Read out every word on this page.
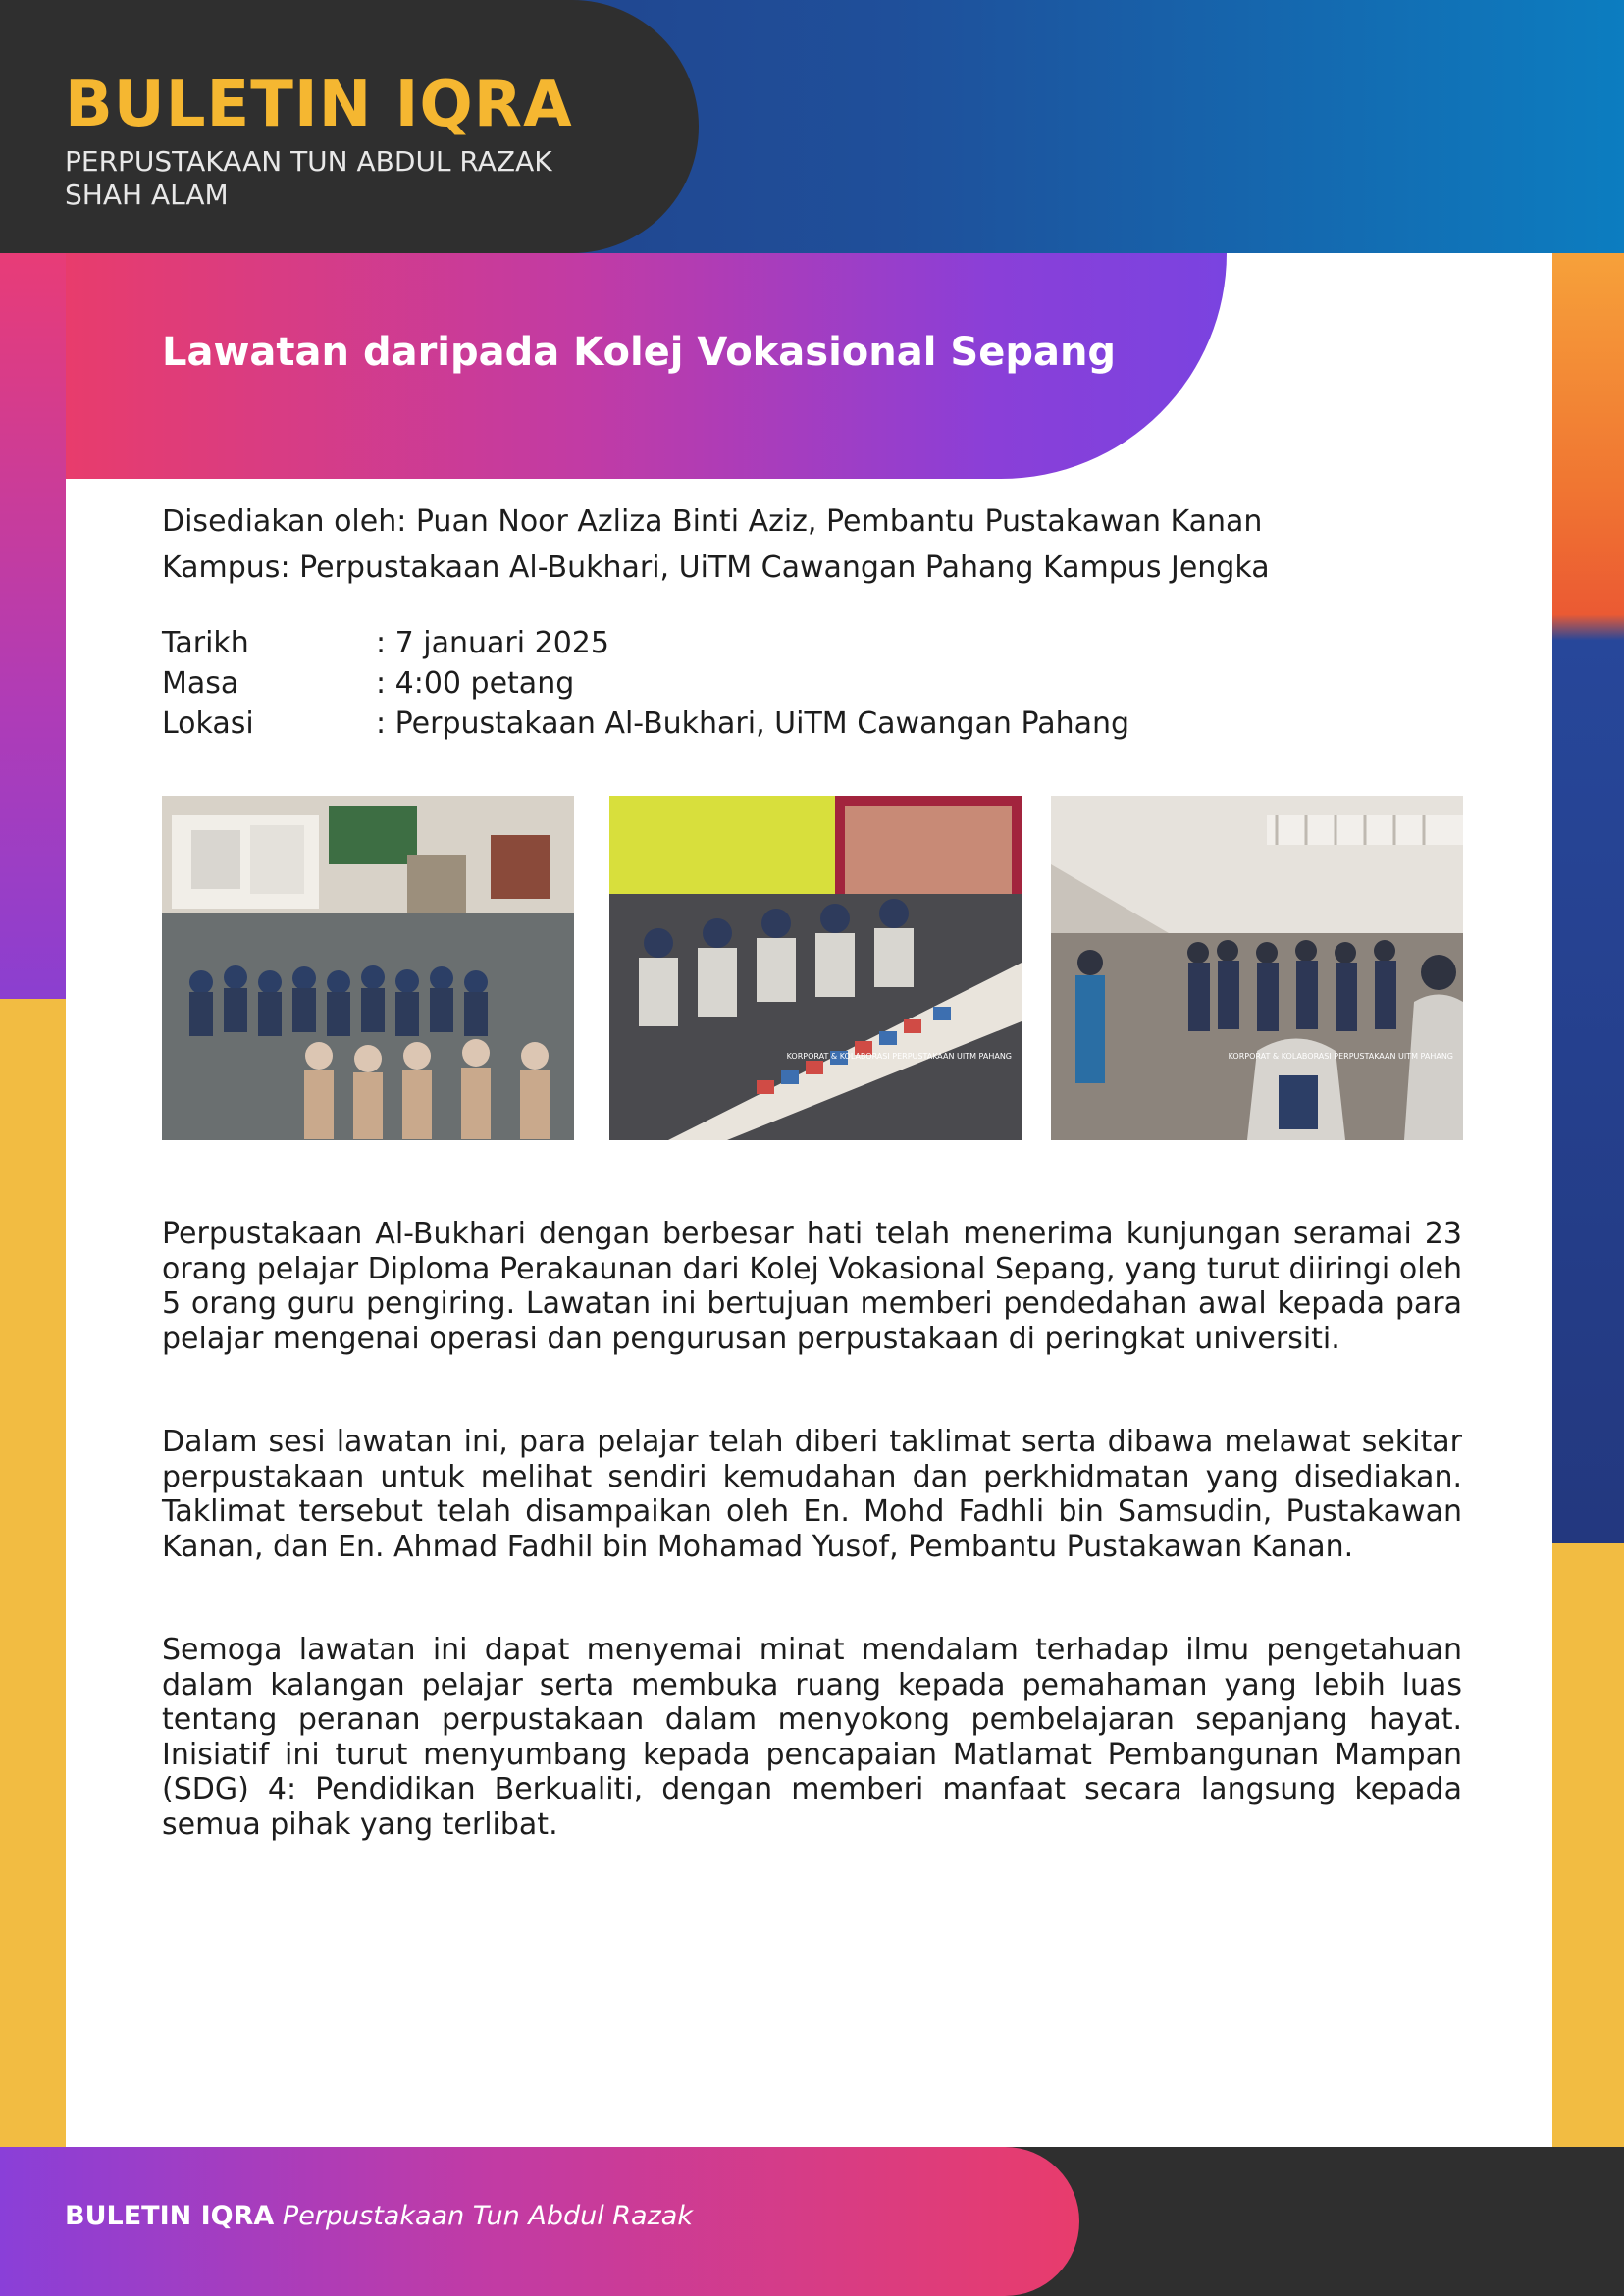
BULETIN IQRA
PERPUSTAKAAN TUN ABDUL RAZAK
SHAH ALAM
Lawatan daripada Kolej Vokasional Sepang
Disediakan oleh: Puan Noor Azliza Binti Aziz, Pembantu Pustakawan Kanan
Kampus: Perpustakaan Al-Bukhari, UiTM Cawangan Pahang Kampus Jengka
Tarikh	: 7 januari 2025
Masa	: 4:00 petang
Lokasi	: Perpustakaan Al-Bukhari, UiTM Cawangan Pahang
KORPORAT & KOLABORASI PERPUSTAKAAN UITM PAHANG	KORPORAT & KOLABORASI PERPUSTAKAAN UITM PAHANG

Perpustakaan Al-Bukhari dengan berbesar hati telah menerima kunjungan seramai 23 orang pelajar Diploma Perakaunan dari Kolej Vokasional Sepang, yang turut diiringi oleh 5 orang guru pengiring. Lawatan ini bertujuan memberi pendedahan awal kepada para pelajar mengenai operasi dan pengurusan perpustakaan di peringkat universiti.

Dalam sesi lawatan ini, para pelajar telah diberi taklimat serta dibawa melawat sekitar perpustakaan untuk melihat sendiri kemudahan dan perkhidmatan yang disediakan. Taklimat tersebut telah disampaikan oleh En. Mohd Fadhli bin Samsudin, Pustakawan Kanan, dan En. Ahmad Fadhil bin Mohamad Yusof, Pembantu Pustakawan Kanan.

Semoga lawatan ini dapat menyemai minat mendalam terhadap ilmu pengetahuan dalam kalangan pelajar serta membuka ruang kepada pemahaman yang lebih luas tentang peranan perpustakaan dalam menyokong pembelajaran sepanjang hayat. Inisiatif ini turut menyumbang kepada pencapaian Matlamat Pembangunan Mampan (SDG) 4: Pendidikan Berkualiti, dengan memberi manfaat secara langsung kepada semua pihak yang terlibat.

BULETIN IQRA Perpustakaan Tun Abdul Razak
